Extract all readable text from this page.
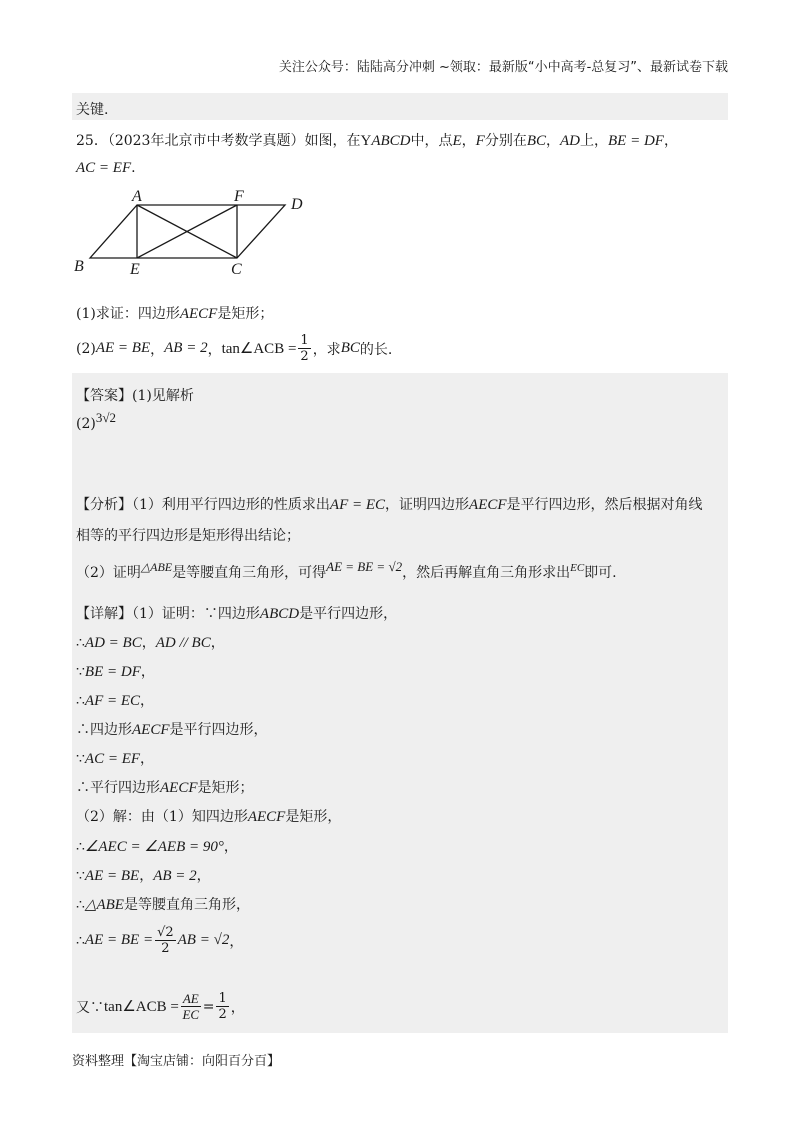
关注公众号：陆陆高分冲刺 ~领取：最新版“小中高考-总复习”、最新试卷下载
关键.
25．（2023年北京市中考数学真题）如图，在YABCD中，点E，F分别在BC，AD上，BE = DF，
AC = EF.
A	F	D
B	E	C
(1)求证：四边形AECF是矩形；
(2) AE = BE ， AB = 2 ， tan∠ACB = $\frac{1}{2}$ ，求 BC 的长.
【答案】(1)见解析
(2)3√2
【分析】（1）利用平行四边形的性质求出AF = EC，证明四边形AECF是平行四边形，然后根据对角线
相等的平行四边形是矩形得出结论；
（2）证明△ABE是等腰直角三角形，可得AE = BE = √2，然后再解直角三角形求出$^{EC}$即可.
【详解】（1）证明：∵四边形ABCD是平行四边形，
∴AD = BC，AD // BC，
∵BE = DF，
∴AF = EC，
∴四边形AECF是平行四边形，
∵AC = EF，
∴平行四边形AECF是矩形；
（2）解：由（1）知四边形AECF是矩形，
∴∠AEC = ∠AEB = 90°，
∵AE = BE，AB = 2，
∴△ABE是等腰直角三角形，
∴ AE = BE = $\frac{√2}{2}$ AB = √2 ，
又∵ tan∠ACB = $\frac{AE}{EC} = \frac{1}{2}$ ，
资料整理【淘宝店铺：向阳百分百】
